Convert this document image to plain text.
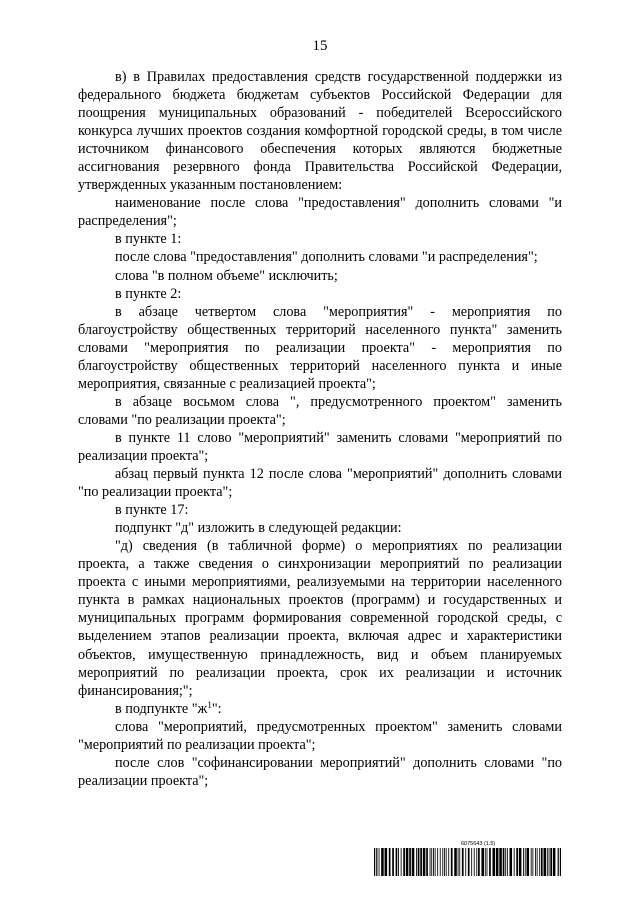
15

в) в Правилах предоставления средств государственной поддержки из федерального бюджета бюджетам субъектов Российской Федерации для поощрения муниципальных образований - победителей Всероссийского конкурса лучших проектов создания комфортной городской среды, в том числе источником финансового обеспечения которых являются бюджетные ассигнования резервного фонда Правительства Российской Федерации, утвержденных указанным постановлением:

наименование после слова "предоставления" дополнить словами "и распределения";

в пункте 1:

после слова "предоставления" дополнить словами "и распределения";

слова "в полном объеме" исключить;

в пункте 2:

в абзаце четвертом слова "мероприятия" - мероприятия по благоустройству общественных территорий населенного пункта" заменить словами "мероприятия по реализации проекта" - мероприятия по благоустройству общественных территорий населенного пункта и иные мероприятия, связанные с реализацией проекта";

в абзаце восьмом слова ", предусмотренного проектом" заменить словами "по реализации проекта";

в пункте 11 слово "мероприятий" заменить словами "мероприятий по реализации проекта";

абзац первый пункта 12 после слова "мероприятий" дополнить словами "по реализации проекта";

в пункте 17:

подпункт "д" изложить в следующей редакции:

"д) сведения (в табличной форме) о мероприятиях по реализации проекта, а также сведения о синхронизации мероприятий по реализации проекта с иными мероприятиями, реализуемыми на территории населенного пункта в рамках национальных проектов (программ) и государственных и муниципальных программ формирования современной городской среды, с выделением этапов реализации проекта, включая адрес и характеристики объектов, имущественную принадлежность, вид и объем планируемых мероприятий по реализации проекта, срок их реализации и источник финансирования;";

в подпункте "$ж^1$":

слова "мероприятий, предусмотренных проектом" заменить словами "мероприятий по реализации проекта";

после слов "софинансировании мероприятий" дополнить словами "по реализации проекта";

6075643 (1.5)
